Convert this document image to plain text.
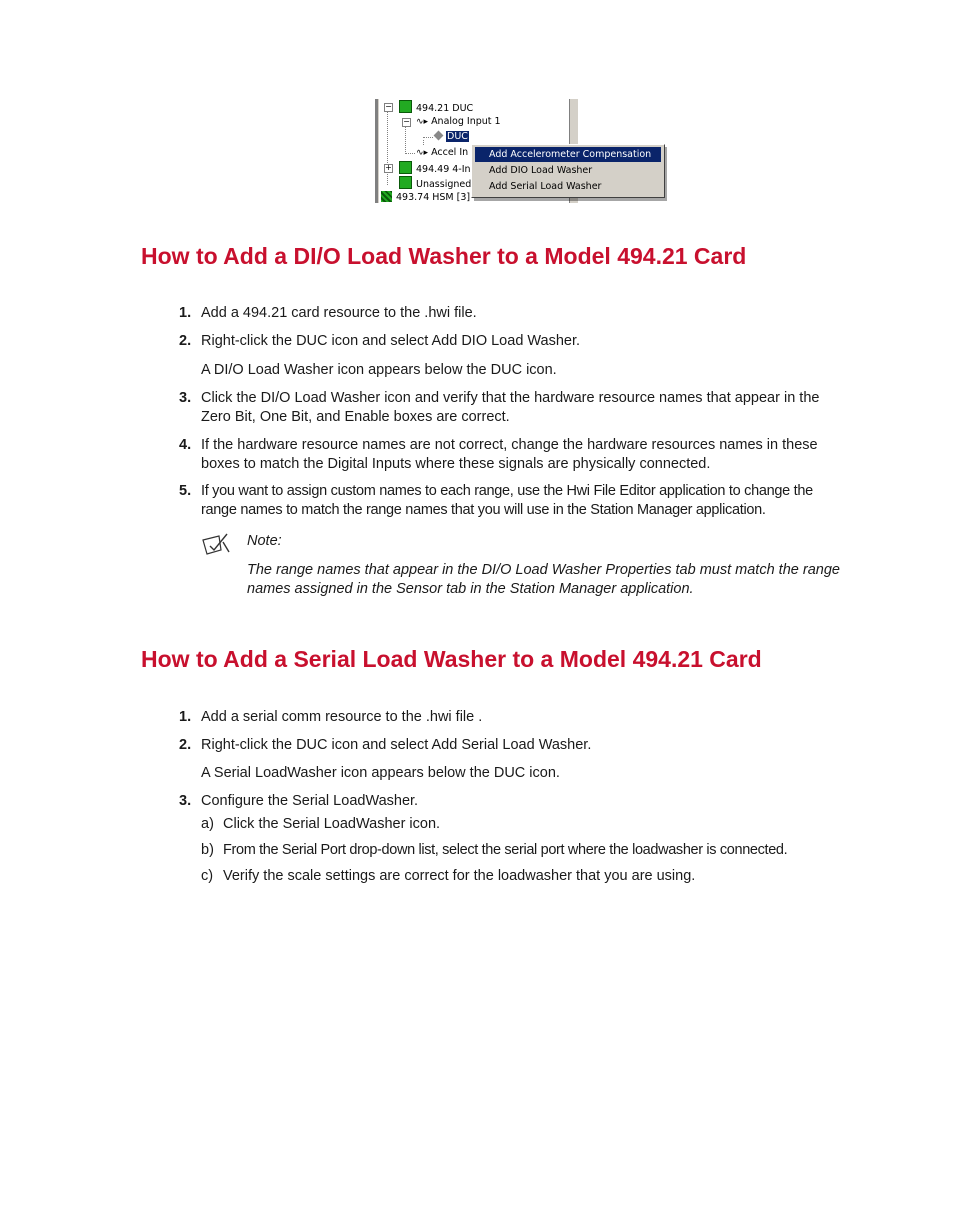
−	494.21 DUC
− ∿▸ Analog Input 1
DUC
∿▸ Accel In
+	494.49 4-In
Unassigned
493.74 HSM [3]
Add Accelerometer Compensation
Add DIO Load Washer
Add Serial Load Washer
How to Add a DI/O Load Washer to a Model 494.21 Card
1. Add a 494.21 card resource to the .hwi file.
2. Right-click the DUC icon and select Add DIO Load Washer.
A DI/O Load Washer icon appears below the DUC icon.
3. Click the DI/O Load Washer icon and verify that the hardware resource names that appear in the Zero Bit, One Bit, and Enable boxes are correct.
4. If the hardware resource names are not correct, change the hardware resources names in these boxes to match the Digital Inputs where these signals are physically connected.
5. If you want to assign custom names to each range, use the Hwi File Editor application to change the range names to match the range names that you will use in the Station Manager application.
Note:
The range names that appear in the DI/O Load Washer Properties tab must match the range names assigned in the Sensor tab in the Station Manager application.
How to Add a Serial Load Washer to a Model 494.21 Card
1. Add a serial comm resource to the .hwi file .
2. Right-click the DUC icon and select Add Serial Load Washer.
A Serial LoadWasher icon appears below the DUC icon.
3. Configure the Serial LoadWasher.
a) Click the Serial LoadWasher icon.
b) From the Serial Port drop-down list, select the serial port where the loadwasher is connected.
c) Verify the scale settings are correct for the loadwasher that you are using.
